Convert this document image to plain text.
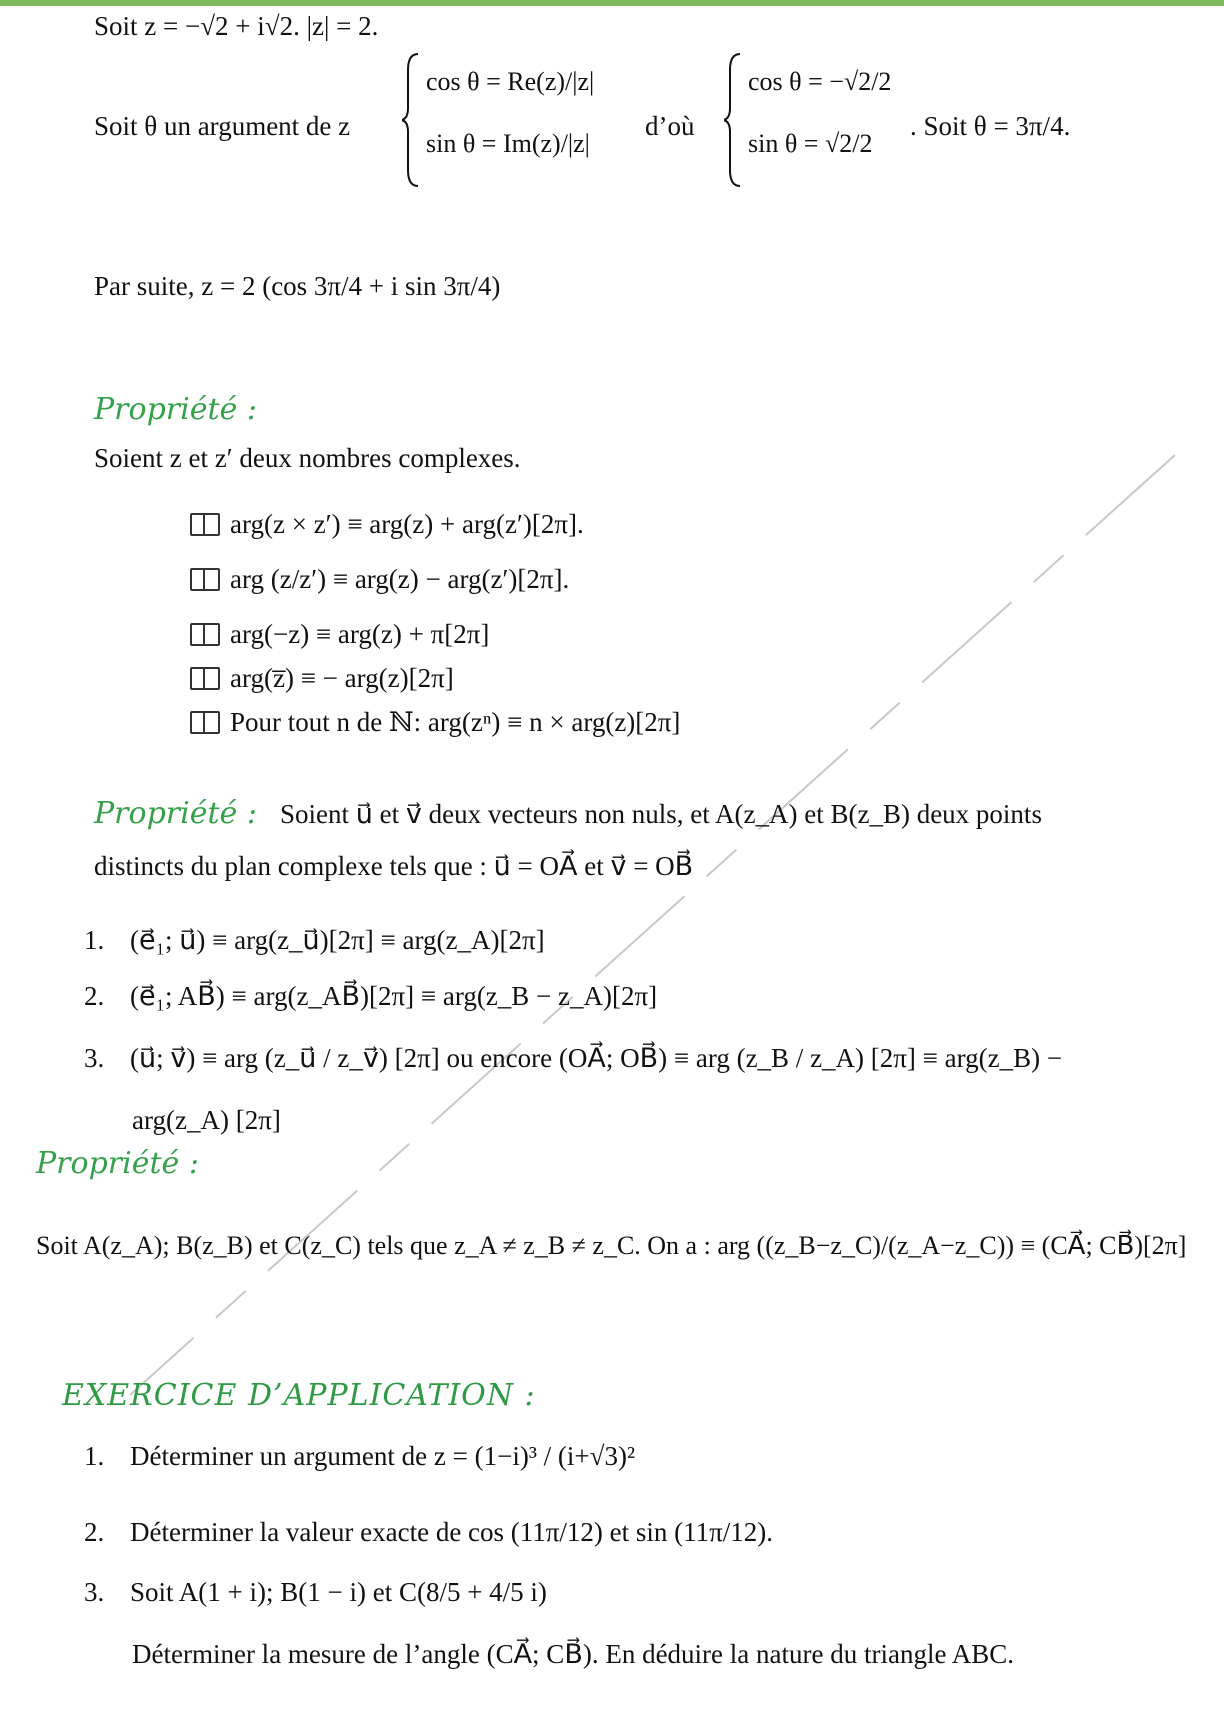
Soit z = −√2 + i√2. |z| = 2.
Soit θ un argument de z
cos θ = Re(z)/|z|
sin θ = Im(z)/|z|
d’où
cos θ = −√2/2
sin θ = √2/2
. Soit θ = 3π/4.
Par suite, z = 2 (cos 3π/4 + i sin 3π/4)
Propriété :
Soient z et z′ deux nombres complexes.
arg(z × z′) ≡ arg(z) + arg(z′)[2π].
arg (z/z′) ≡ arg(z) − arg(z′)[2π].
arg(−z) ≡ arg(z) + π[2π]
arg(z̅) ≡ − arg(z)[2π]
Pour tout n de ℕ: arg(zⁿ) ≡ n × arg(z)[2π]
Propriété : Soient u⃗ et v⃗ deux vecteurs non nuls, et A(z_A) et B(z_B) deux points
distincts du plan complexe tels que : u⃗ = OA⃗ et v⃗ = OB⃗
1. (e⃗₁; u⃗) ≡ arg(z_u⃗)[2π] ≡ arg(z_A)[2π]
2. (e⃗₁; AB⃗) ≡ arg(z_AB⃗)[2π] ≡ arg(z_B − z_A)[2π]
3. (u⃗; v⃗) ≡ arg (z_u⃗ / z_v⃗) [2π] ou encore (OA⃗; OB⃗) ≡ arg (z_B / z_A) [2π] ≡ arg(z_B) −
arg(z_A) [2π]
Propriété :
Soit A(z_A); B(z_B) et C(z_C) tels que z_A ≠ z_B ≠ z_C. On a : arg ((z_B−z_C)/(z_A−z_C)) ≡ (CA⃗; CB⃗)[2π]
EXERCICE D’APPLICATION :
1. Déterminer un argument de z = (1−i)³ / (i+√3)²
2. Déterminer la valeur exacte de cos (11π/12) et sin (11π/12).
3. Soit A(1 + i); B(1 − i) et C(8/5 + 4/5 i)
Déterminer la mesure de l’angle (CA⃗; CB⃗). En déduire la nature du triangle ABC.
